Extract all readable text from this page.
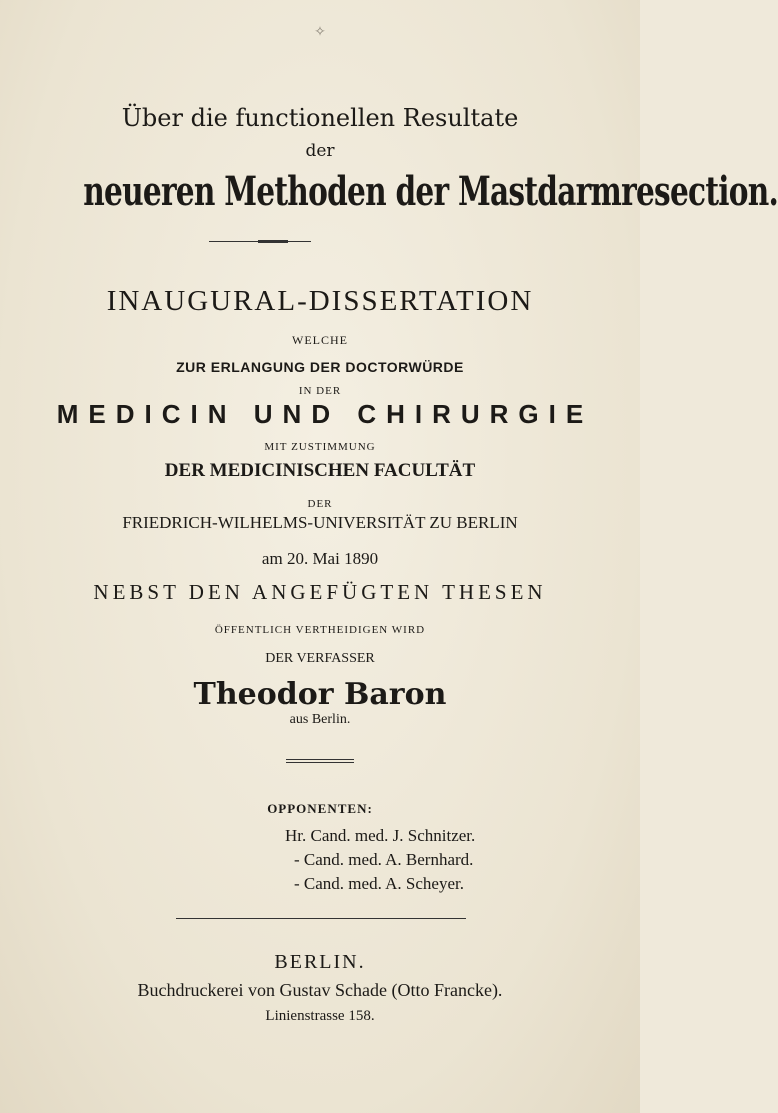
✧
Über die functionellen Resultate
der
neueren Methoden der Mastdarmresection.
INAUGURAL-DISSERTATION
WELCHE
ZUR ERLANGUNG DER DOCTORWÜRDE
IN DER
MEDICIN UND CHIRURGIE
MIT ZUSTIMMUNG
DER MEDICINISCHEN FACULTÄT
DER
FRIEDRICH-WILHELMS-UNIVERSITÄT ZU BERLIN
am 20. Mai 1890
NEBST DEN ANGEFÜGTEN THESEN
ÖFFENTLICH VERTHEIDIGEN WIRD
DER VERFASSER
Theodor Baron
aus Berlin.
OPPONENTEN:
Hr. Cand. med. J. Schnitzer.
- Cand. med. A. Bernhard.
- Cand. med. A. Scheyer.
BERLIN.
Buchdruckerei von Gustav Schade (Otto Francke).
Linienstrasse 158.
